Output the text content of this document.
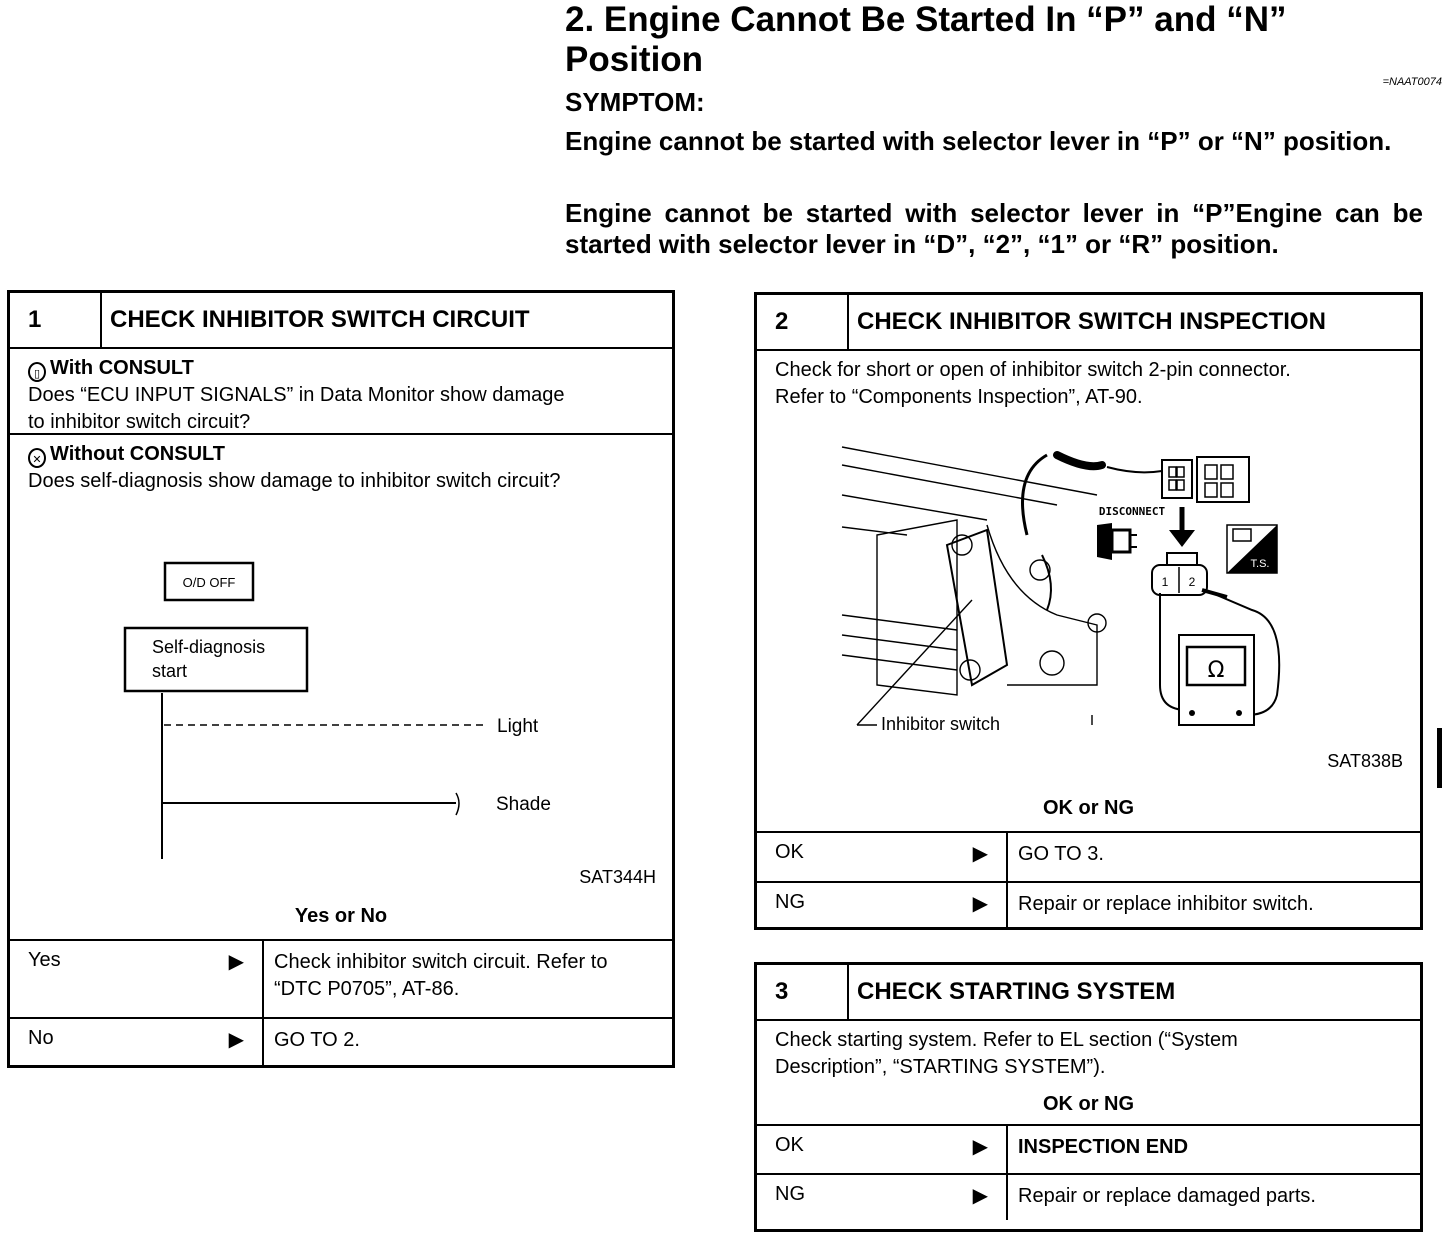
2. Engine Cannot Be Started In “P” and “N”
Position
=NAAT0074
SYMPTOM:
Engine cannot be started with selector lever in “P” or “N” position.
Engine cannot be started with selector lever in “P”Engine can be started with selector lever in “D”, “2”, “1” or “R” position.
1	CHECK INHIBITOR SWITCH CIRCUIT
▯ With CONSULT
Does “ECU INPUT SIGNALS” in Data Monitor show damage
to inhibitor switch circuit?
✕ Without CONSULT
Does self-diagnosis show damage to inhibitor switch circuit?
O/D OFF
Self-diagnosis
start
Light
Shade
SAT344H
Yes or No
Yes	▶ Check inhibitor switch circuit. Refer to
“DTC P0705”, AT-86.
No	▶ GO TO 2.
2	CHECK INHIBITOR SWITCH INSPECTION
Check for short or open of inhibitor switch 2-pin connector.
Refer to “Components Inspection”, AT-90.
DISCONNECT
1 2
Ω
T.S.
Inhibitor switch
SAT838B
OK or NG
OK	▶	GO TO 3.
NG	▶	Repair or replace inhibitor switch.
3	CHECK STARTING SYSTEM
Check starting system. Refer to EL section (“System
Description”, “STARTING SYSTEM”).
OK or NG
OK	▶	INSPECTION END
NG	▶	Repair or replace damaged parts.
